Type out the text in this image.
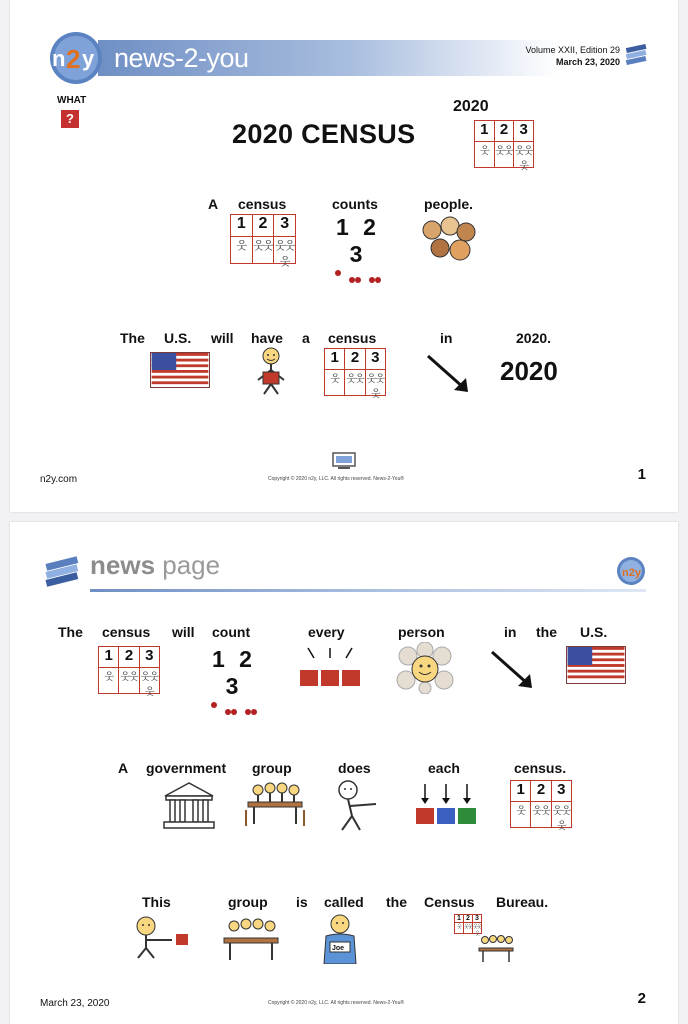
n 2 y news-2-you	Volume XXII, Edition 29
March 23, 2020
WHAT
?
2020
2020 CENSUS	1 2 3
웃 웃웃 웃웃웃
A census
1 2 3
웃 웃웃 웃웃웃
counts
1 2 3
people.
The U.S. will have a census
1 2 3
웃 웃웃 웃웃웃
in	2020.
2020
n2y.com	Copyright © 2020 n2y, LLC. All rights reserved. News-2-You®	1
news page	n2y
The census
1 2 3
웃 웃웃 웃웃웃
will count
1 2 3
every	person	in the U.S.
A government group	does	each	census.
1 2 3
웃 웃웃 웃웃웃
This	group is called
Joe
the Census Bureau.
1 2 3
웃 웃웃 웃웃웃
March 23, 2020	Copyright © 2020 n2y, LLC. All rights reserved. News-2-You®	2
